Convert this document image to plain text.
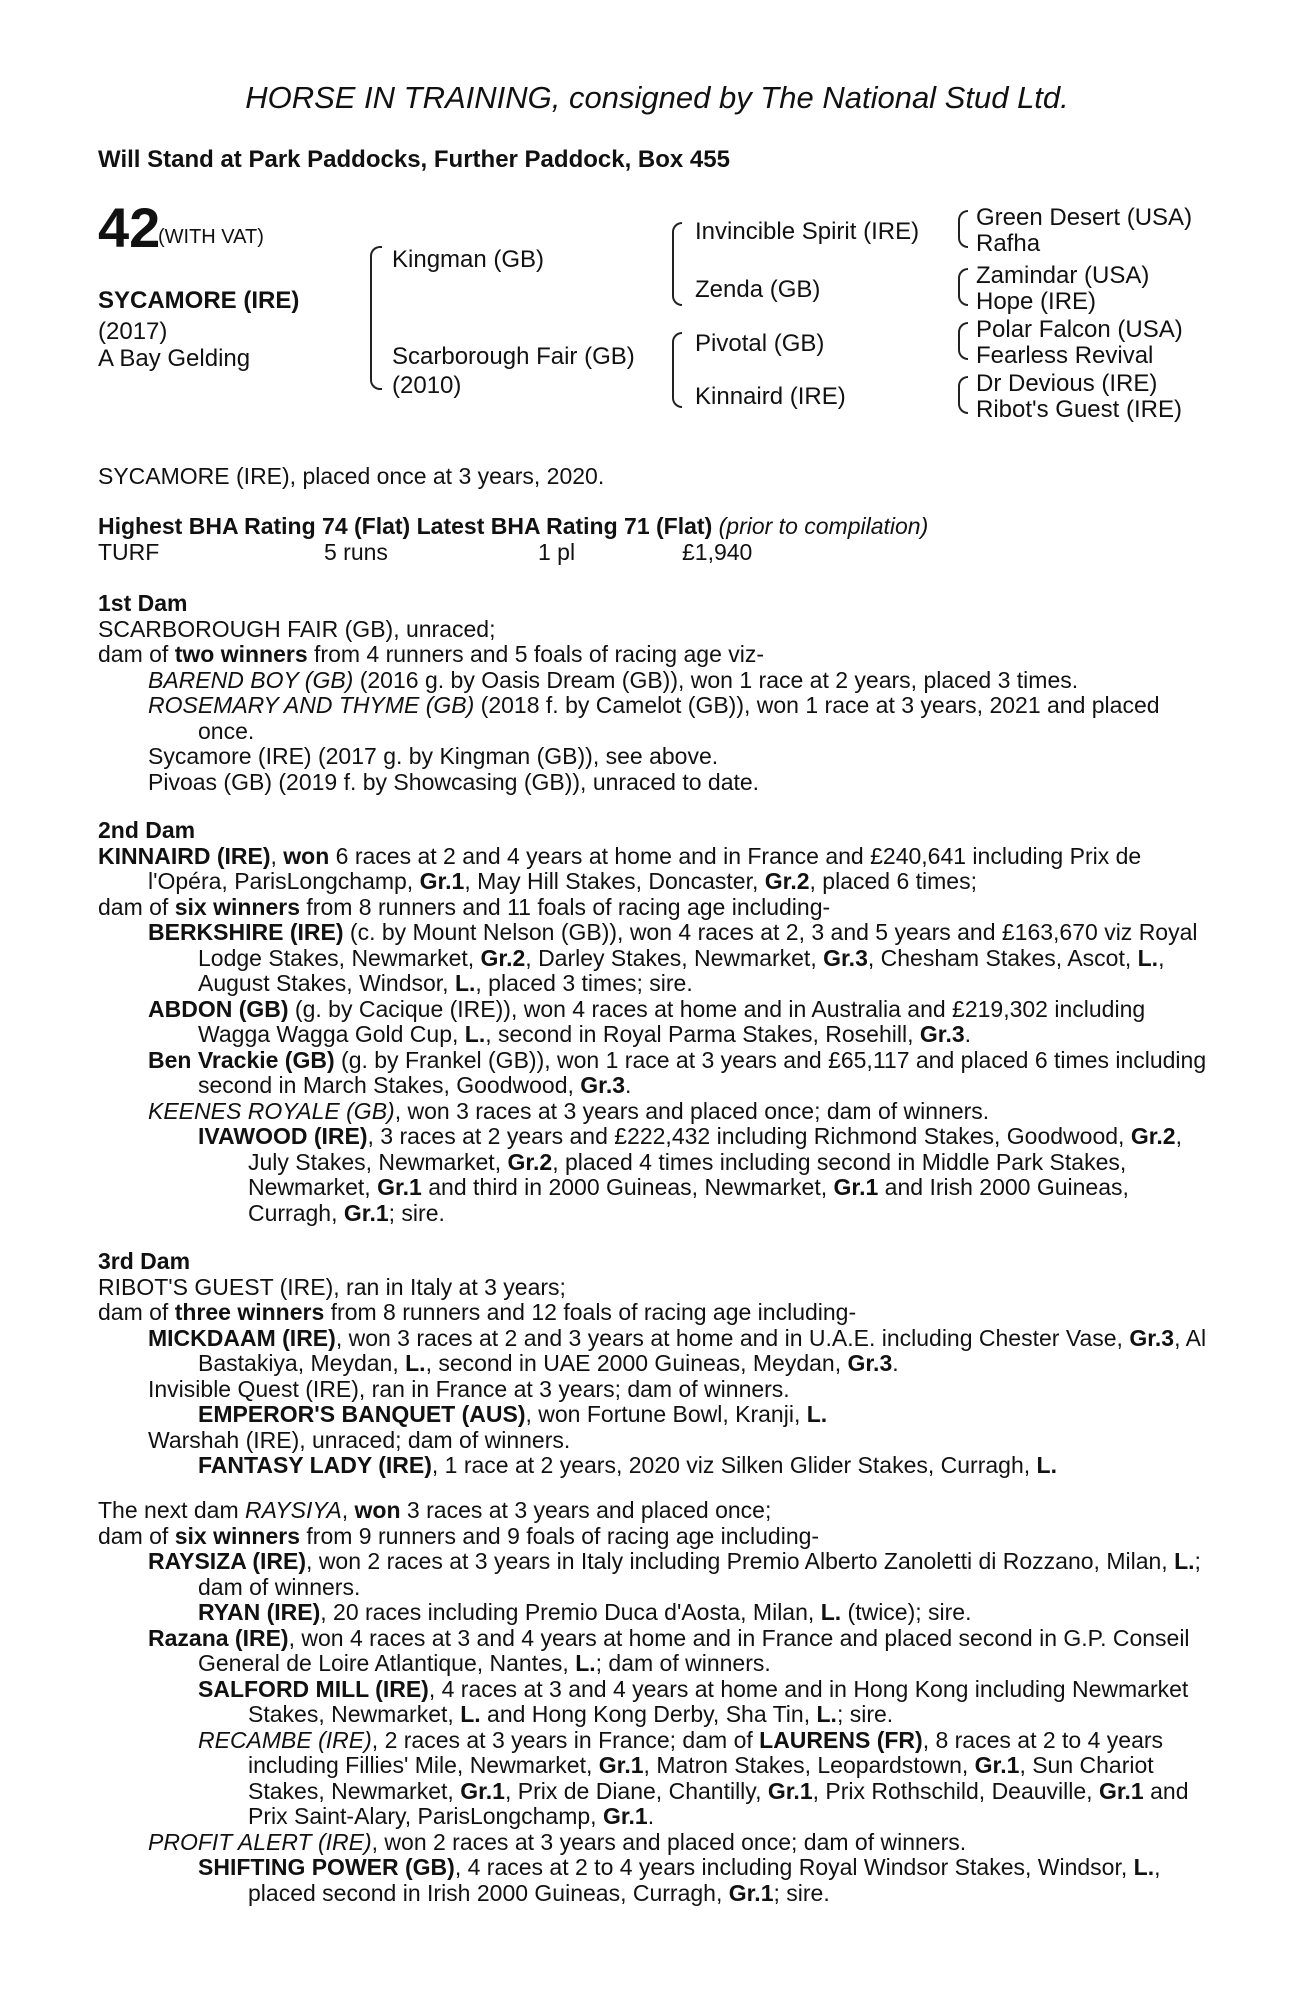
HORSE IN TRAINING, consigned by The National Stud Ltd.
Will Stand at Park Paddocks, Further Paddock, Box 455
42
(WITH VAT)
SYCAMORE (IRE)
(2017)
A Bay Gelding
Kingman (GB)
Scarborough Fair (GB)
(2010)
Invincible Spirit (IRE)
Zenda (GB)
Pivotal (GB)
Kinnaird (IRE)
Green Desert (USA)
Rafha
Zamindar (USA)
Hope (IRE)
Polar Falcon (USA)
Fearless Revival
Dr Devious (IRE)
Ribot's Guest (IRE)
SYCAMORE (IRE), placed once at 3 years, 2020.
Highest BHA Rating 74 (Flat) Latest BHA Rating 71 (Flat) (prior to compilation)
TURF	5 runs	1 pl	£1,940
1st Dam
SCARBOROUGH FAIR (GB), unraced;
dam of two winners from 4 runners and 5 foals of racing age viz-
BAREND BOY (GB) (2016 g. by Oasis Dream (GB)), won 1 race at 2 years, placed 3 times.
ROSEMARY AND THYME (GB) (2018 f. by Camelot (GB)), won 1 race at 3 years, 2021 and placed once.
Sycamore (IRE) (2017 g. by Kingman (GB)), see above.
Pivoas (GB) (2019 f. by Showcasing (GB)), unraced to date.
2nd Dam
KINNAIRD (IRE), won 6 races at 2 and 4 years at home and in France and £240,641 including Prix de l'Opéra, ParisLongchamp, Gr.1, May Hill Stakes, Doncaster, Gr.2, placed 6 times;
dam of six winners from 8 runners and 11 foals of racing age including-
BERKSHIRE (IRE) (c. by Mount Nelson (GB)), won 4 races at 2, 3 and 5 years and £163,670 viz Royal Lodge Stakes, Newmarket, Gr.2, Darley Stakes, Newmarket, Gr.3, Chesham Stakes, Ascot, L., August Stakes, Windsor, L., placed 3 times; sire.
ABDON (GB) (g. by Cacique (IRE)), won 4 races at home and in Australia and £219,302 including Wagga Wagga Gold Cup, L., second in Royal Parma Stakes, Rosehill, Gr.3.
Ben Vrackie (GB) (g. by Frankel (GB)), won 1 race at 3 years and £65,117 and placed 6 times including second in March Stakes, Goodwood, Gr.3.
KEENES ROYALE (GB), won 3 races at 3 years and placed once; dam of winners.
IVAWOOD (IRE), 3 races at 2 years and £222,432 including Richmond Stakes, Goodwood, Gr.2, July Stakes, Newmarket, Gr.2, placed 4 times including second in Middle Park Stakes, Newmarket, Gr.1 and third in 2000 Guineas, Newmarket, Gr.1 and Irish 2000 Guineas, Curragh, Gr.1; sire.
3rd Dam
RIBOT'S GUEST (IRE), ran in Italy at 3 years;
dam of three winners from 8 runners and 12 foals of racing age including-
MICKDAAM (IRE), won 3 races at 2 and 3 years at home and in U.A.E. including Chester Vase, Gr.3, Al Bastakiya, Meydan, L., second in UAE 2000 Guineas, Meydan, Gr.3.
Invisible Quest (IRE), ran in France at 3 years; dam of winners.
EMPEROR'S BANQUET (AUS), won Fortune Bowl, Kranji, L.
Warshah (IRE), unraced; dam of winners.
FANTASY LADY (IRE), 1 race at 2 years, 2020 viz Silken Glider Stakes, Curragh, L.
The next dam RAYSIYA, won 3 races at 3 years and placed once;
dam of six winners from 9 runners and 9 foals of racing age including-
RAYSIZA (IRE), won 2 races at 3 years in Italy including Premio Alberto Zanoletti di Rozzano, Milan, L.; dam of winners.
RYAN (IRE), 20 races including Premio Duca d'Aosta, Milan, L. (twice); sire.
Razana (IRE), won 4 races at 3 and 4 years at home and in France and placed second in G.P. Conseil General de Loire Atlantique, Nantes, L.; dam of winners.
SALFORD MILL (IRE), 4 races at 3 and 4 years at home and in Hong Kong including Newmarket Stakes, Newmarket, L. and Hong Kong Derby, Sha Tin, L.; sire.
RECAMBE (IRE), 2 races at 3 years in France; dam of LAURENS (FR), 8 races at 2 to 4 years including Fillies' Mile, Newmarket, Gr.1, Matron Stakes, Leopardstown, Gr.1, Sun Chariot Stakes, Newmarket, Gr.1, Prix de Diane, Chantilly, Gr.1, Prix Rothschild, Deauville, Gr.1 and Prix Saint-Alary, ParisLongchamp, Gr.1.
PROFIT ALERT (IRE), won 2 races at 3 years and placed once; dam of winners.
SHIFTING POWER (GB), 4 races at 2 to 4 years including Royal Windsor Stakes, Windsor, L., placed second in Irish 2000 Guineas, Curragh, Gr.1; sire.
